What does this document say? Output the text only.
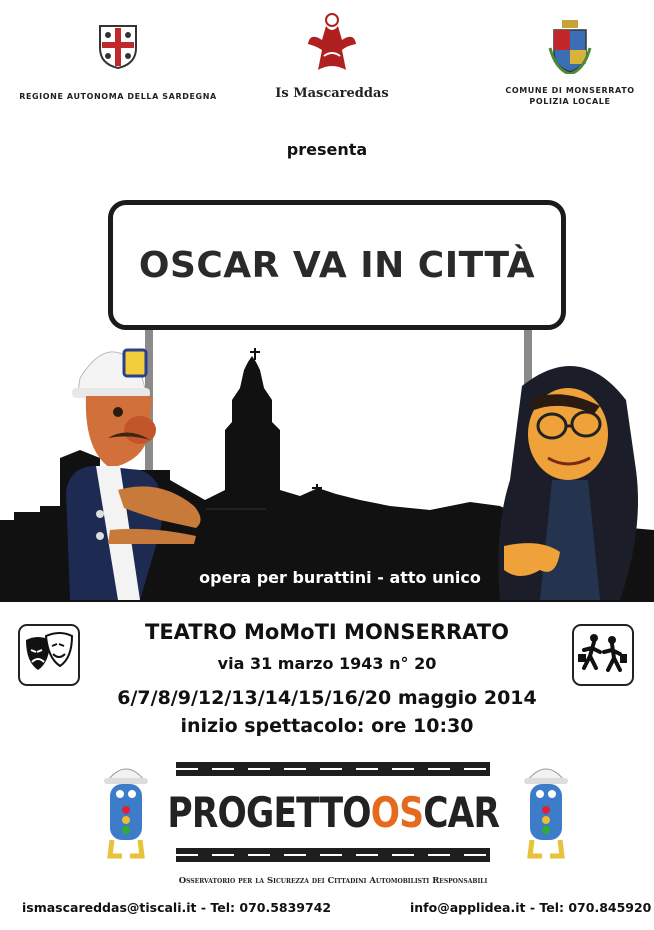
REGIONE AUTONOMA DELLA SARDEGNA	Is Mascareddas	COMUNE DI MONSERRATO
POLIZIA LOCALE
presenta
OSCAR VA IN CITTÀ
opera per burattini - atto unico
TEATRO MoMoTI MONSERRATO
via 31 marzo 1943 n° 20
6/7/8/9/12/13/14/15/16/20 maggio 2014
inizio spettacolo: ore 10:30
PROGETTOOSCAR
Osservatorio per la Sicurezza dei Cittadini Automobilisti Responsabili
ismascareddas@tiscali.it - Tel: 070.5839742	info@applidea.it - Tel: 070.845920
